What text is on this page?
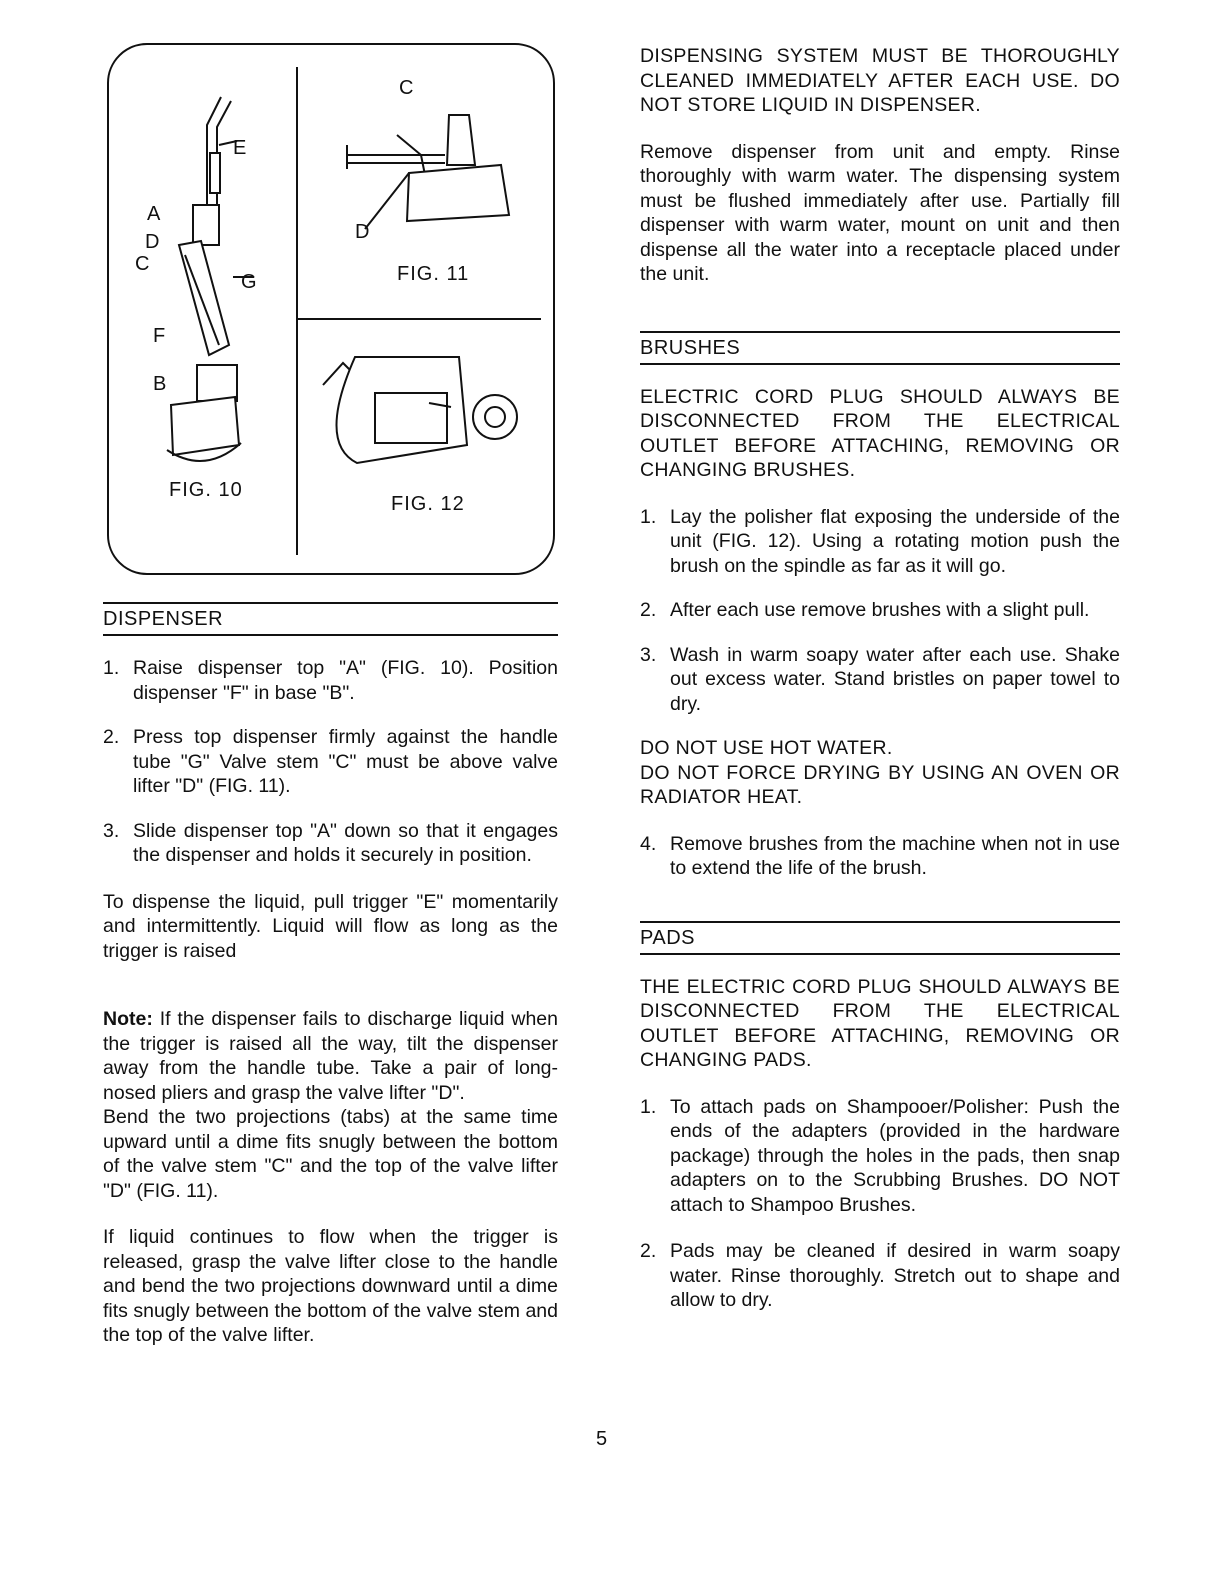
FIG. 10
FIG. 11
FIG. 12
A
D
C
E
G
F
B
C
D
DISPENSER
1. Raise dispenser top "A" (FIG. 10). Position dispenser "F" in base "B".
2. Press top dispenser firmly against the handle tube "G" Valve stem "C" must be above valve lifter "D" (FIG. 11).
3. Slide dispenser top "A" down so that it engages the dispenser and holds it securely in position.

To dispense the liquid, pull trigger "E" momentarily and intermittently. Liquid will flow as long as the trigger is raised

Note: If the dispenser fails to discharge liquid when the trigger is raised all the way, tilt the dispenser away from the handle tube. Take a pair of long-nosed pliers and grasp the valve lifter "D".

Bend the two projections (tabs) at the same time upward until a dime fits snugly between the bottom of the valve stem "C" and the top of the valve lifter "D" (FIG. 11).

If liquid continues to flow when the trigger is released, grasp the valve lifter close to the handle and bend the two projections downward until a dime fits snugly between the bottom of the valve stem and the top of the valve lifter.

DISPENSING SYSTEM MUST BE THOROUGHLY CLEANED IMMEDIATELY AFTER EACH USE. DO NOT STORE LIQUID IN DISPENSER.

Remove dispenser from unit and empty. Rinse thoroughly with warm water. The dispensing system must be flushed immediately after use. Partially fill dispenser with warm water, mount on unit and then dispense all the water into a receptacle placed under the unit.

BRUSHES

ELECTRIC CORD PLUG SHOULD ALWAYS BE DISCONNECTED FROM THE ELECTRICAL OUTLET BEFORE ATTACHING, REMOVING OR CHANGING BRUSHES.

1. Lay the polisher flat exposing the underside of the unit (FIG. 12). Using a rotating motion push the brush on the spindle as far as it will go.
2. After each use remove brushes with a slight pull.
3. Wash in warm soapy water after each use. Shake out excess water. Stand bristles on paper towel to dry.

DO NOT USE HOT WATER.

DO NOT FORCE DRYING BY USING AN OVEN OR RADIATOR HEAT.

4. Remove brushes from the machine when not in use to extend the life of the brush.
PADS

THE ELECTRIC CORD PLUG SHOULD ALWAYS BE DISCONNECTED FROM THE ELECTRICAL OUTLET BEFORE ATTACHING, REMOVING OR CHANGING PADS.

1. To attach pads on Shampooer/Polisher: Push the ends of the adapters (provided in the hardware package) through the holes in the pads, then snap adapters on to the Scrubbing Brushes. DO NOT attach to Shampoo Brushes.
2. Pads may be cleaned if desired in warm soapy water. Rinse thoroughly. Stretch out to shape and allow to dry.
5
